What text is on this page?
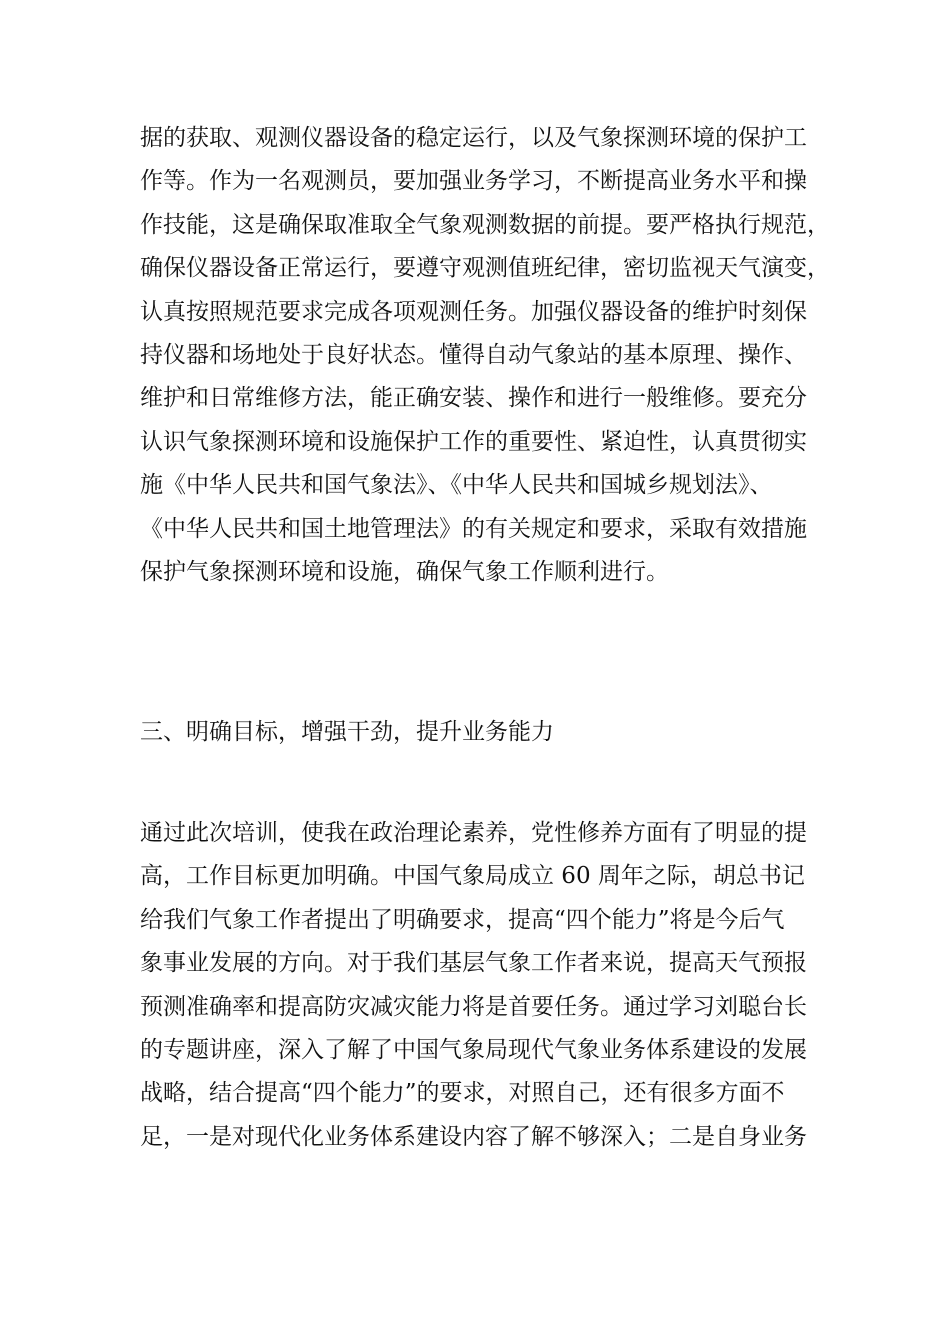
据的获取、观测仪器设备的稳定运行，以及气象探测环境的保护工
作等。作为一名观测员，要加强业务学习，不断提高业务水平和操
作技能，这是确保取准取全气象观测数据的前提。要严格执行规范，
确保仪器设备正常运行，要遵守观测值班纪律，密切监视天气演变，
认真按照规范要求完成各项观测任务。加强仪器设备的维护时刻保
持仪器和场地处于良好状态。懂得自动气象站的基本原理、操作、
维护和日常维修方法，能正确安装、操作和进行一般维修。要充分
认识气象探测环境和设施保护工作的重要性、紧迫性，认真贯彻实
施《中华人民共和国气象法》、《中华人民共和国城乡规划法》、
《中华人民共和国土地管理法》的有关规定和要求，采取有效措施
保护气象探测环境和设施，确保气象工作顺利进行。
三、明确目标，增强干劲，提升业务能力
通过此次培训，使我在政治理论素养，党性修养方面有了明显的提
高，工作目标更加明确。中国气象局成立 60 周年之际，胡总书记
给我们气象工作者提出了明确要求，提高“四个能力”将是今后气
象事业发展的方向。对于我们基层气象工作者来说，提高天气预报
预测准确率和提高防灾减灾能力将是首要任务。通过学习刘聪台长
的专题讲座，深入了解了中国气象局现代气象业务体系建设的发展
战略，结合提高“四个能力”的要求，对照自己，还有很多方面不
足，一是对现代化业务体系建设内容了解不够深入；二是自身业务
